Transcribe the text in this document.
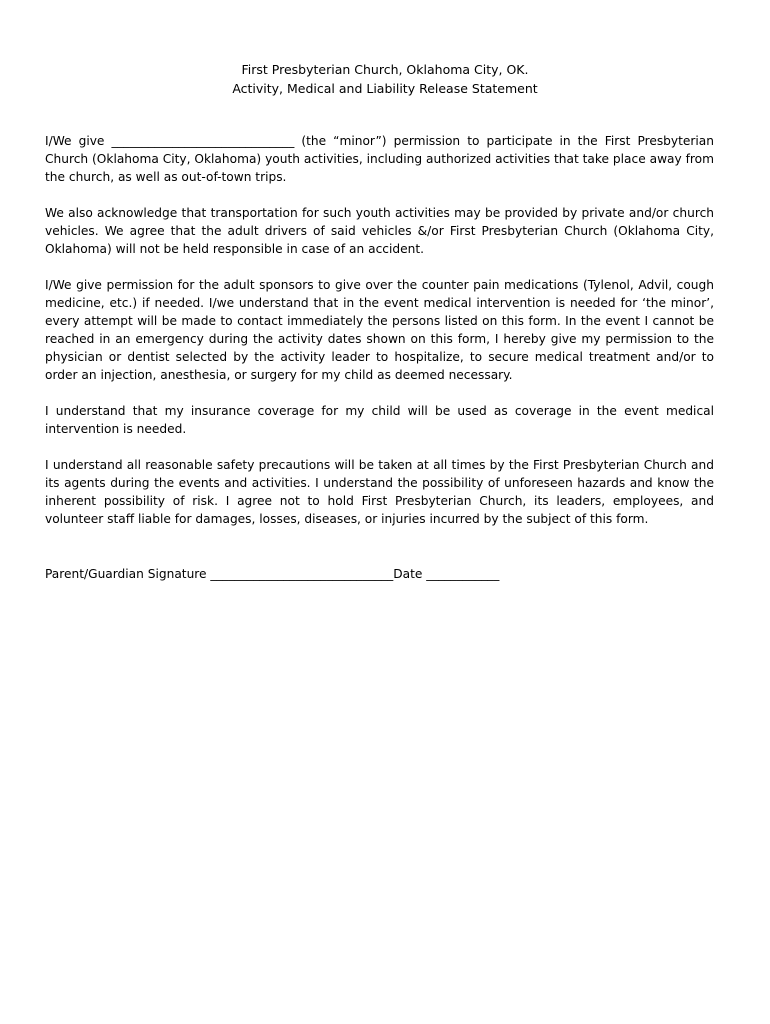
First Presbyterian Church, Oklahoma City, OK.
Activity, Medical and Liability Release Statement

I/We give ______________________________ (the “minor”) permission to participate in the First Presbyterian Church (Oklahoma City, Oklahoma) youth activities, including authorized activities that take place away from the church, as well as out-of-town trips.

We also acknowledge that transportation for such youth activities may be provided by private and/or church vehicles. We agree that the adult drivers of said vehicles &/or First Presbyterian Church (Oklahoma City, Oklahoma) will not be held responsible in case of an accident.

I/We give permission for the adult sponsors to give over the counter pain medications (Tylenol, Advil, cough medicine, etc.) if needed. I/we understand that in the event medical intervention is needed for ‘the minor’, every attempt will be made to contact immediately the persons listed on this form. In the event I cannot be reached in an emergency during the activity dates shown on this form, I hereby give my permission to the physician or dentist selected by the activity leader to hospitalize, to secure medical treatment and/or to order an injection, anesthesia, or surgery for my child as deemed necessary.

I understand that my insurance coverage for my child will be used as coverage in the event medical intervention is needed.

I understand all reasonable safety precautions will be taken at all times by the First Presbyterian Church and its agents during the events and activities. I understand the possibility of unforeseen hazards and know the inherent possibility of risk. I agree not to hold First Presbyterian Church, its leaders, employees, and volunteer staff liable for damages, losses, diseases, or injuries incurred by the subject of this form.

Parent/Guardian Signature ______________________________Date ____________
